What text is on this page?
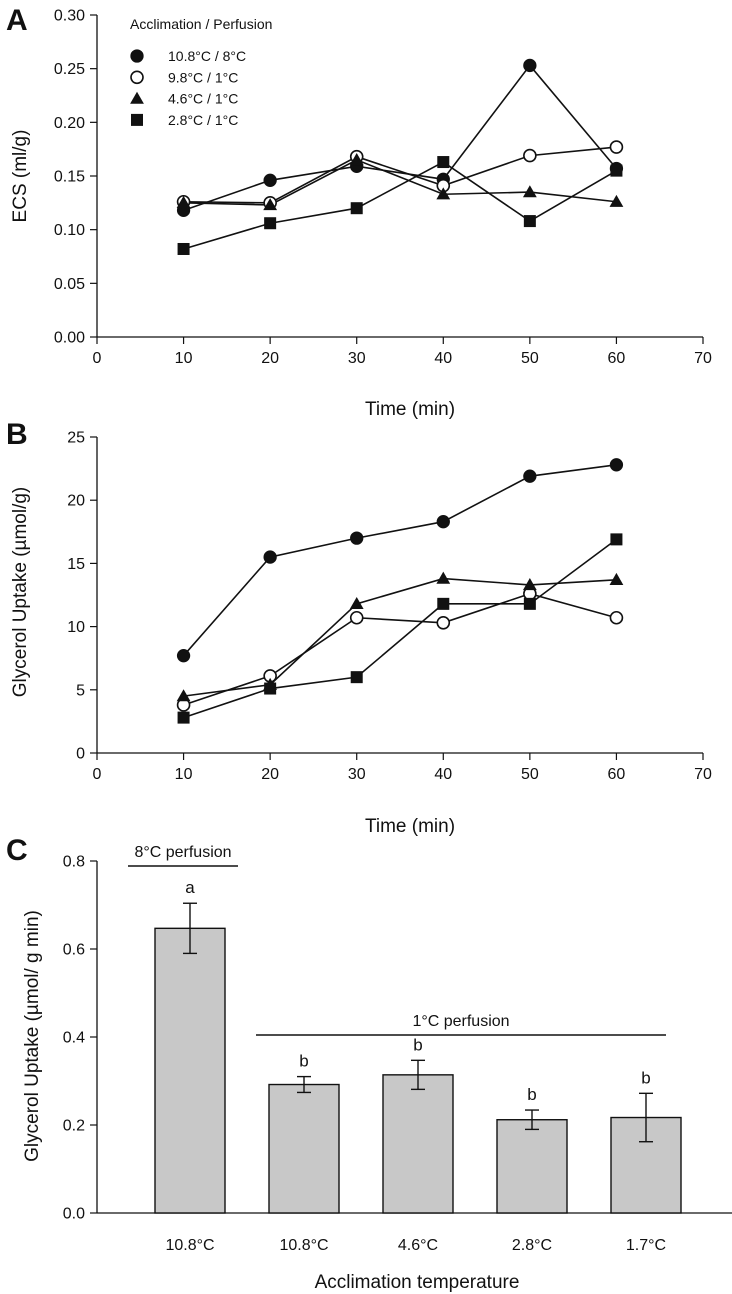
A
B
C
0	10	20	30	40	50	60	70
0.00
0.05
0.10
0.15
0.20
0.25
0.30
Time (min)
ECS (ml/g)
Acclimation / Perfusion
10.8°C / 8°C
9.8°C / 1°C
4.6°C / 1°C
2.8°C / 1°C
0	10	20	30	40	50	60	70
0
5
10
15
20
25
Time (min)
Glycerol Uptake (µmol/g)
0.0
0.2
0.4
0.6
0.8
10.8°C	10.8°C	4.6°C	2.8°C	1.7°C
a
b
b
b
b
8°C perfusion
1°C perfusion
Acclimation temperature
Glycerol Uptake (µmol/ g min)
